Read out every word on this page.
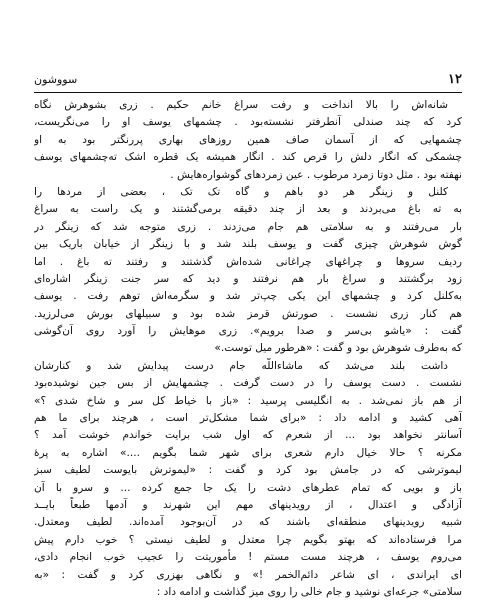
۱۲
سووشون
شانه‌اش را بالا انداخت و رفت سراغ خانم حکیم . زری بشوهرش نگاه
کرد که چند صندلی آنطرفتر نشسته‌بود . چشمهای یوسف او را می‌نگریست،
چشمهایی که از آسمان صاف همین روزهای بهاری پررنگتر بود به او
چشمکی که انگار دلش را قرص کند . انگار همیشه یک قطره اشک ته‌چشمهای یوسف
نهفته بود . مثل دوتا زمرد مرطوب . عین زمردهای گوشواره‌هایش .
کلنل و زینگر هر دو باهم و گاه تک تک ، بعضی از مردها را
به ته باغ می‌بردند و بعد از چند دقیقه برمی‌گشتند و یک راست به سراغ
بار می‌رفتند و به سلامتی هم جام می‌زدند . زری متوجه شد که زینگر در
گوش شوهرش چیزی گفت و یوسف بلند شد و با زینگر از خیابان باریک بین
ردیف سروها و چراغهای چراغانی شده‌اش گذشتند و رفتند ته باغ . اما
زود برگشتند و سراغ بار هم نرفتند و دید که سر جنت زینگر اشاره‌ای
به‌کلنل کرد و چشمهای این یکی چپ‌تر شد و سگرمه‌اش توهم رفت . یوسف
هم کنار زری نشست . صورتش قرمز شده بود و سبیلهای بورش می‌لرزید.
گفت : «یاشو بی‌سر و صدا برویم». زری موهایش را آورد روی آن‌گوشی
که به‌طرف شوهرش بود و گفت : «هرطور میل توست.»
داشت بلند می‌شد که ماشاءاللّه جام درست پیدایش شد و کنارشان
نشست . دست یوسف را در دست گرفت . چشمهایش از بس جین نوشیده‌بود
از هم باز نمی‌شد . به انگلیسی پرسید : «باز با خیاط کل سر و شاخ شدی ؟»
آهی کشید و ادامه داد : «برای شما مشکل‌تر است ، هرچند برای ما هم
آسانتر نخواهد بود ... از شعرم که اول شب برایت خواندم خوشت آمد ؟
مکرنه ؟ حالا خیال دارم شعری برای شهر شما بگویم ....» اشاره به پرهٔ
لیموترشی که در جامش بود کرد و گفت : «لیموترش بایوست لطیف سبز
باز و بویی که تمام عطرهای دشت را یک جا جمع کرده ... و سرو با آن
آزادگی و اعتدال ، از رویدینهای مهم این شهرند و آدمها طبعاً بایــد
شبیه رویدینهای منطقه‌ای باشند که در آن‌بوجود آمده‌اند. لطیف ومعتدل.
مرا فرستاده‌اند که بهتو بگویم چرا معتدل و لطیف نیستی ؟ خوب دارم پیش
می‌روم یوسف ، هرچند مست مستم ! مأموریتت را عجیب خوب انجام دادی،
ای ایراندی ، ای شاعر دائم‌الخمر !» و نگاهی بهزری کرد و گفت : «به
سلامتی» جرعه‌ای نوشید و جام خالی را روی میز گذاشت و ادامه داد :
